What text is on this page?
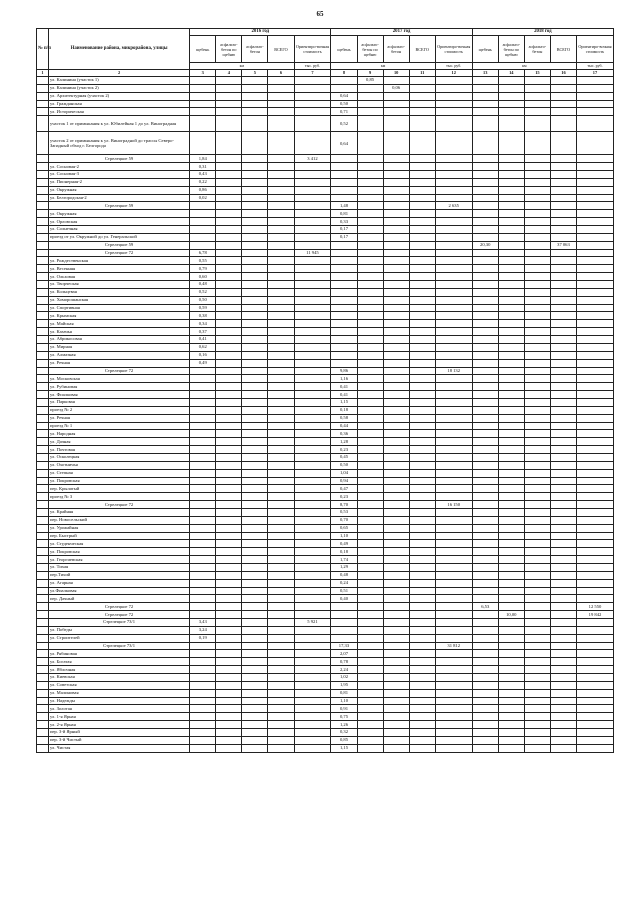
65
№ п/п	Наименование района, микрорайона, улицы	2016 год					2017 год					2018 год				
		щебень	асфальто-бетон по щебню	асфальто-бетон	ВСЕГО	Ориентиро-вочная стоимость	щебень	асфальто-бетон по щебню	асфальто-бетон	ВСЕГО	Ориентиро-вочная стоимость	щебень	асфальто-бетон по щебню	асфальто-бетон	ВСЕГО	Ориентиро-вочная стоимость
		км				тыс. руб.	км				тыс. руб.	км				тыс. руб.
1	2	3	4	5	6	7	8	9	10	11	12	13	14	15	16	17
	ул. Калинина (участок 1)							0,85								
	ул. Калинина (участок 2)								0,06							
	ул. Архитектурная (участок 2)						0,64									
	ул. Гражданская						0,50									
	ул. Историческая						0,71									
	участок 1 от примыкания к ул. Юбилейная 1 до ул. Виноградная						0,52									
	участок 2 от примыкания к ул. Виноградной до трассы Северо-Западный обход г. Белгорода						0,64									
	Стрелецкое 59	1,84				3 412										
	ул. Сосновая-2	0,31														
	ул. Сосновая-3	0,43														
	ул. Пионерная-2	0,22														
	ул. Окружная	0,86														
	ул. Белгородская-2	0,02														
	Стрелецкое 59						1,48				2 635					
	ул. Окружная						0,81									
	ул. Орловская						0,33									
	ул. Солнечная						0,17									
	проезд от ул. Окружной до ул. Генеральской						0,17									
	Стрелецкое 59											20,30			37 063	
	Стрелецкое 72	6,78				11 945										
	ул. Рождественская	0,55														
	ул. Весенняя	0,79														
	ул. Ольховая	0,60														
	ул. Творческая	0,48														
	ул. Кольцевая	0,52														
	ул. Хоморошанская	0,50														
	ул. Спортивная	0,59														
	ул. Крымская	0,38														
	ул. Майская	0,34														
	ул. Казачья	0,37														
	ул. Абрикосовая	0,41														
	ул. Мирная	0,62														
	ул. Алмазная	0,16														
	ул. Речная	0,49														
	Стрелецкое 72						9,86				18 132					
	ул. Московская						1,16									
	ул. Рубиновая						0,41									
	ул. Фиалковая						0,41									
	ул. Парковая						1,15									
	проезд № 2						0,18									
	ул. Речная						0,58									
	проезд № 1						0,44									
	ул. Народная						0,36									
	ул. Дачная						1,28									
	ул. Почтовая						0,23									
	ул. Осколецкая						0,45									
	ул. Охотничья						0,50									
	ул. Степная						1,04									
	ул. Покровская						0,94									
	пер. Крылатый						0,47									
	проезд № 3						0,23									
	Стрелецкое 72						8,70				16 150					
	ул. Крайняя						0,53									
	пер. Новосельский						0,70									
	ул. Урожайная						0,65									
	пер. Быстрый						1,10									
	ул. Студенческая						0,49									
	ул. Покровская						0,18									
	ул. Георгиевская						1,74									
	ул. Тихая						1,29									
	пер.Тихий						0,48									
	ул. Агарная						0,24									
	ул.Фиалковая						0,51									
	пер. Дачный						0,40									
	Стрелецкое 72											6,53				12 550
	Стрелецкое 72												10,00			19 842
	Стрелецкое 73/1	3,43				5 921										
	ул. Победы	3,24														
	ул. Строителей	0,19														
	Стрелецкое 73/1						17,33				31 812					
	ул. Рябиновая						2,07									
	ул. Богатая						0,78									
	ул. Яблочная						2,24									
	ул. Киевская						1,02									
	ул. Советская						1,95									
	ул. Малиновая						0,81									
	ул. Надежды						1,10									
	ул. Золотая						0,91									
	ул. 1-я Ярная						0,75									
	ул. 2-я Ярная						1,26									
	пер. 3-й Ярный						0,32									
	пер. 3-й Чистый						0,85									
	ул. Чистая						1,15									
